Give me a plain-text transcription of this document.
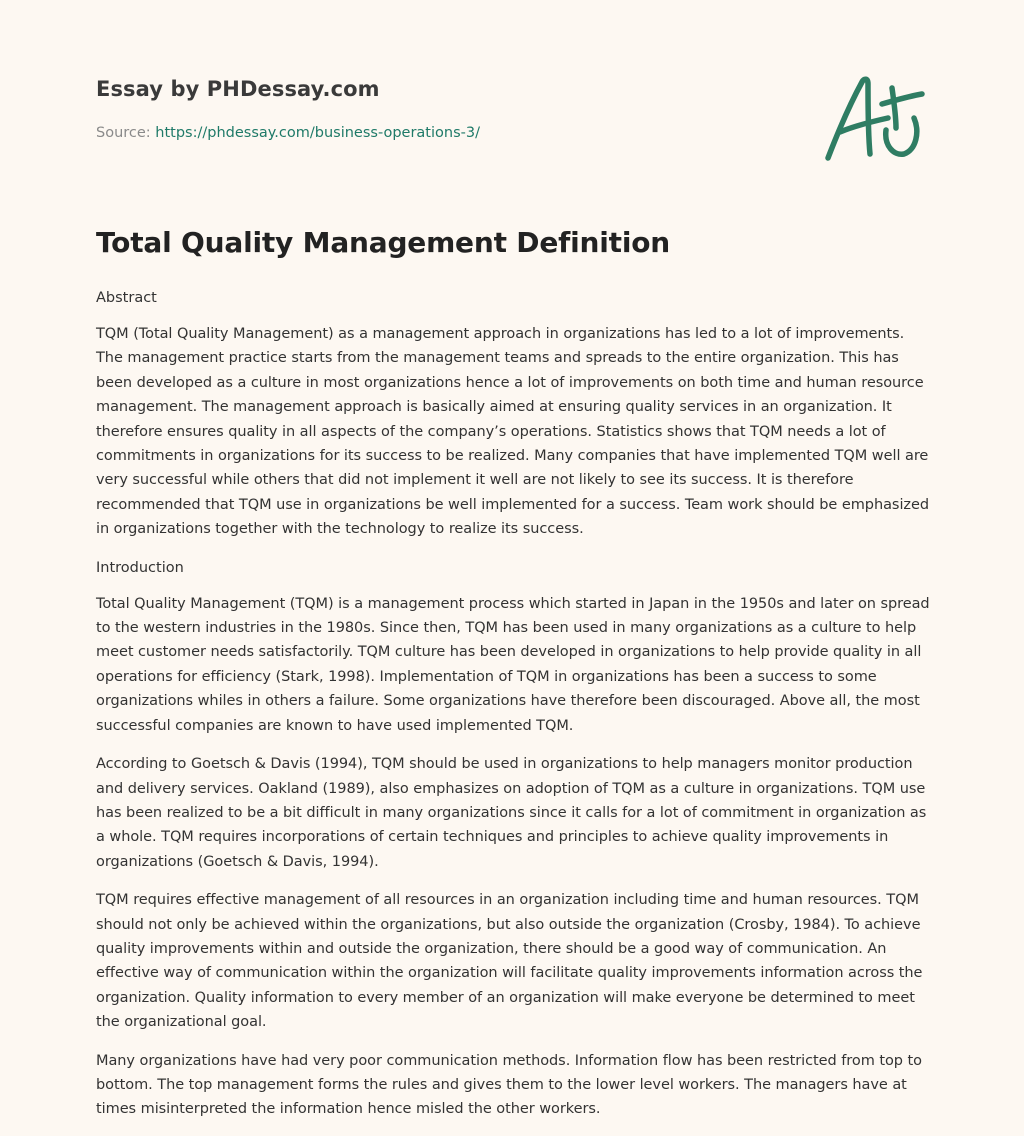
Essay by PHDessay.com
Source: https://phdessay.com/business-operations-3/
Total Quality Management Definition
Abstract

TQM (Total Quality Management) as a management approach in organizations has led to a lot of improvements. The management practice starts from the management teams and spreads to the entire organization. This has been developed as a culture in most organizations hence a lot of improvements on both time and human resource management. The management approach is basically aimed at ensuring quality services in an organization. It therefore ensures quality in all aspects of the company’s operations. Statistics shows that TQM needs a lot of commitments in organizations for its success to be realized. Many companies that have implemented TQM well are very successful while others that did not implement it well are not likely to see its success. It is therefore recommended that TQM use in organizations be well implemented for a success. Team work should be emphasized in organizations together with the technology to realize its success.

Introduction

Total Quality Management (TQM) is a management process which started in Japan in the 1950s and later on spread to the western industries in the 1980s. Since then, TQM has been used in many organizations as a culture to help meet customer needs satisfactorily. TQM culture has been developed in organizations to help provide quality in all operations for efficiency (Stark, 1998). Implementation of TQM in organizations has been a success to some organizations whiles in others a failure. Some organizations have therefore been discouraged. Above all, the most successful companies are known to have used implemented TQM.

According to Goetsch & Davis (1994), TQM should be used in organizations to help managers monitor production and delivery services. Oakland (1989), also emphasizes on adoption of TQM as a culture in organizations. TQM use has been realized to be a bit difficult in many organizations since it calls for a lot of commitment in organization as a whole. TQM requires incorporations of certain techniques and principles to achieve quality improvements in organizations (Goetsch & Davis, 1994).

TQM requires effective management of all resources in an organization including time and human resources. TQM should not only be achieved within the organizations, but also outside the organization (Crosby, 1984). To achieve quality improvements within and outside the organization, there should be a good way of communication. An effective way of communication within the organization will facilitate quality improvements information across the organization. Quality information to every member of an organization will make everyone be determined to meet the organizational goal.

Many organizations have had very poor communication methods. Information flow has been restricted from top to bottom. The top management forms the rules and gives them to the lower level workers. The managers have at times misinterpreted the information hence misled the other workers.
